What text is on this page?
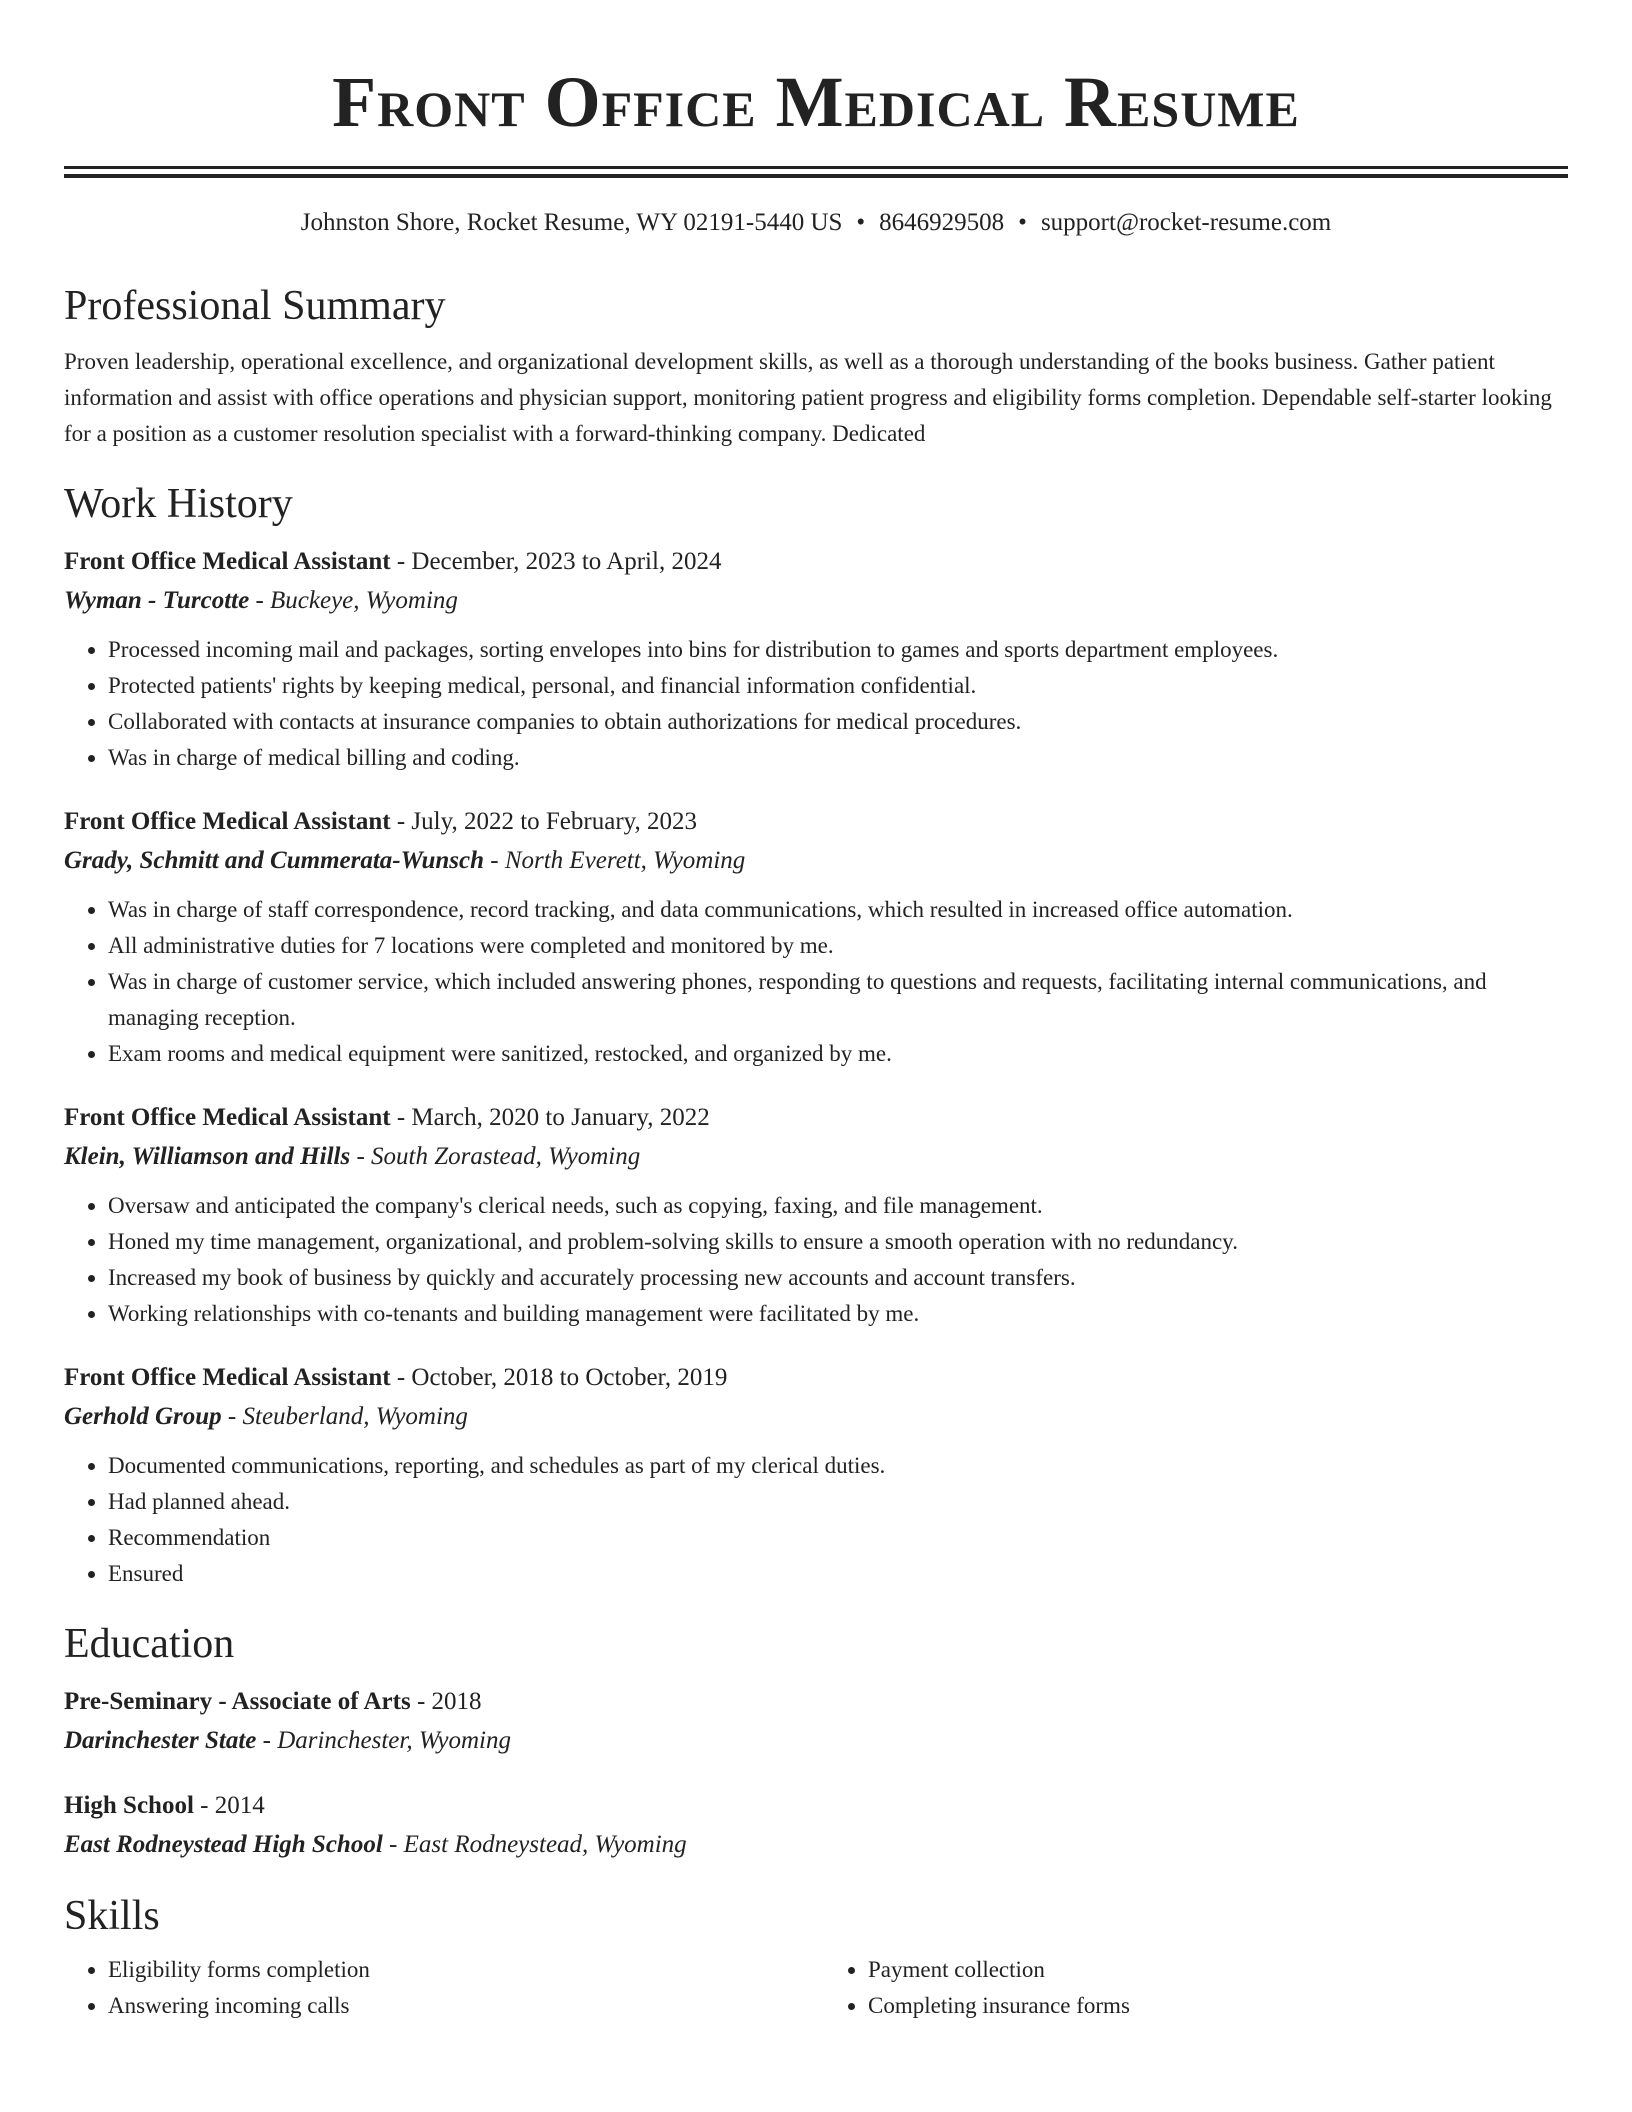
Front Office Medical Resume
Johnston Shore, Rocket Resume, WY 02191-5440 US • 8646929508 • support@rocket-resume.com
Professional Summary

Proven leadership, operational excellence, and organizational development skills, as well as a thorough understanding of the books business. Gather patient information and assist with office operations and physician support, monitoring patient progress and eligibility forms completion. Dependable self-starter looking for a position as a customer resolution specialist with a forward-thinking company. Dedicated

Work History
Front Office Medical Assistant - December, 2023 to April, 2024
Wyman - Turcotte - Buckeye, Wyoming
• Processed incoming mail and packages, sorting envelopes into bins for distribution to games and sports department employees.
• Protected patients' rights by keeping medical, personal, and financial information confidential.
• Collaborated with contacts at insurance companies to obtain authorizations for medical procedures.
• Was in charge of medical billing and coding.
Front Office Medical Assistant - July, 2022 to February, 2023
Grady, Schmitt and Cummerata-Wunsch - North Everett, Wyoming
• Was in charge of staff correspondence, record tracking, and data communications, which resulted in increased office automation.
• All administrative duties for 7 locations were completed and monitored by me.
• Was in charge of customer service, which included answering phones, responding to questions and requests, facilitating internal communications, and managing reception.
• Exam rooms and medical equipment were sanitized, restocked, and organized by me.
Front Office Medical Assistant - March, 2020 to January, 2022
Klein, Williamson and Hills - South Zorastead, Wyoming
• Oversaw and anticipated the company's clerical needs, such as copying, faxing, and file management.
• Honed my time management, organizational, and problem-solving skills to ensure a smooth operation with no redundancy.
• Increased my book of business by quickly and accurately processing new accounts and account transfers.
• Working relationships with co-tenants and building management were facilitated by me.
Front Office Medical Assistant - October, 2018 to October, 2019
Gerhold Group - Steuberland, Wyoming
• Documented communications, reporting, and schedules as part of my clerical duties.
• Had planned ahead.
• Recommendation
• Ensured
Education
Pre-Seminary - Associate of Arts - 2018
Darinchester State - Darinchester, Wyoming
High School - 2014
East Rodneystead High School - East Rodneystead, Wyoming
Skills
• Eligibility forms completion
• Answering incoming calls
• Payment collection
• Completing insurance forms
